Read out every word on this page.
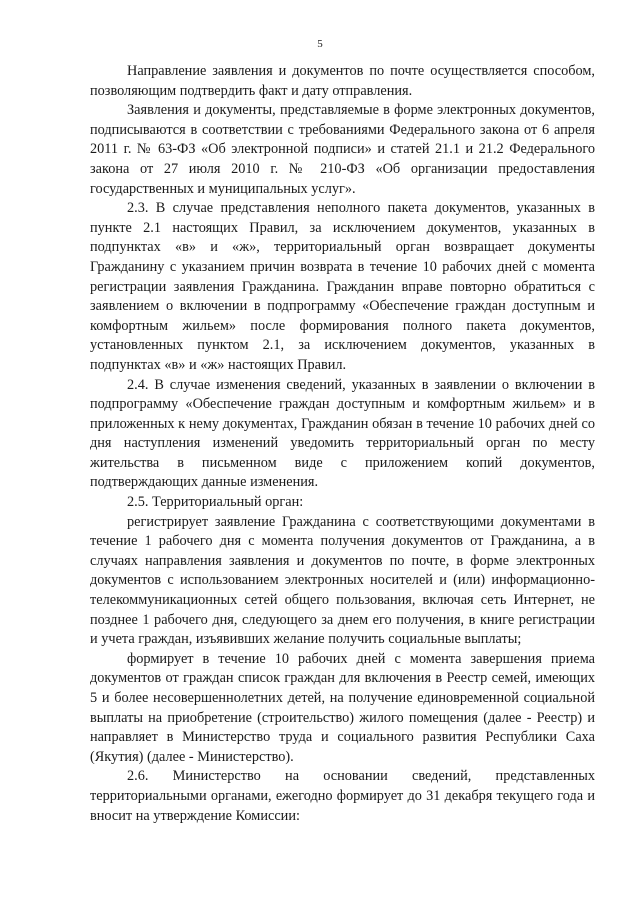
5

Направление заявления и документов по почте осуществляется способом, позволяющим подтвердить факт и дату отправления.

Заявления и документы, представляемые в форме электронных документов, подписываются в соответствии с требованиями Федерального закона от 6 апреля 2011 г. № 63-ФЗ «Об электронной подписи» и статей 21.1 и 21.2 Федерального закона от 27 июля 2010 г. № 210-ФЗ «Об организации предоставления государственных и муниципальных услуг».

2.3. В случае представления неполного пакета документов, указанных в пункте 2.1 настоящих Правил, за исключением документов, указанных в подпунктах «в» и «ж», территориальный орган возвращает документы Гражданину с указанием причин возврата в течение 10 рабочих дней с момента регистрации заявления Гражданина. Гражданин вправе повторно обратиться с заявлением о включении в подпрограмму «Обеспечение граждан доступным и комфортным жильем» после формирования полного пакета документов, установленных пунктом 2.1, за исключением документов, указанных в подпунктах «в» и «ж» настоящих Правил.

2.4. В случае изменения сведений, указанных в заявлении о включении в подпрограмму «Обеспечение граждан доступным и комфортным жильем» и в приложенных к нему документах, Гражданин обязан в течение 10 рабочих дней со дня наступления изменений уведомить территориальный орган по месту жительства в письменном виде с приложением копий документов, подтверждающих данные изменения.

2.5. Территориальный орган:

регистрирует заявление Гражданина с соответствующими документами в течение 1 рабочего дня с момента получения документов от Гражданина, а в случаях направления заявления и документов по почте, в форме электронных документов с использованием электронных носителей и (или) информационно-телекоммуникационных сетей общего пользования, включая сеть Интернет, не позднее 1 рабочего дня, следующего за днем его получения, в книге регистрации и учета граждан, изъявивших желание получить социальные выплаты;

формирует в течение 10 рабочих дней с момента завершения приема документов от граждан список граждан для включения в Реестр семей, имеющих 5 и более несовершеннолетних детей, на получение единовременной социальной выплаты на приобретение (строительство) жилого помещения (далее - Реестр) и направляет в Министерство труда и социального развития Республики Саха (Якутия) (далее - Министерство).

2.6. Министерство на основании сведений, представленных территориальными органами, ежегодно формирует до 31 декабря текущего года и вносит на утверждение Комиссии:
